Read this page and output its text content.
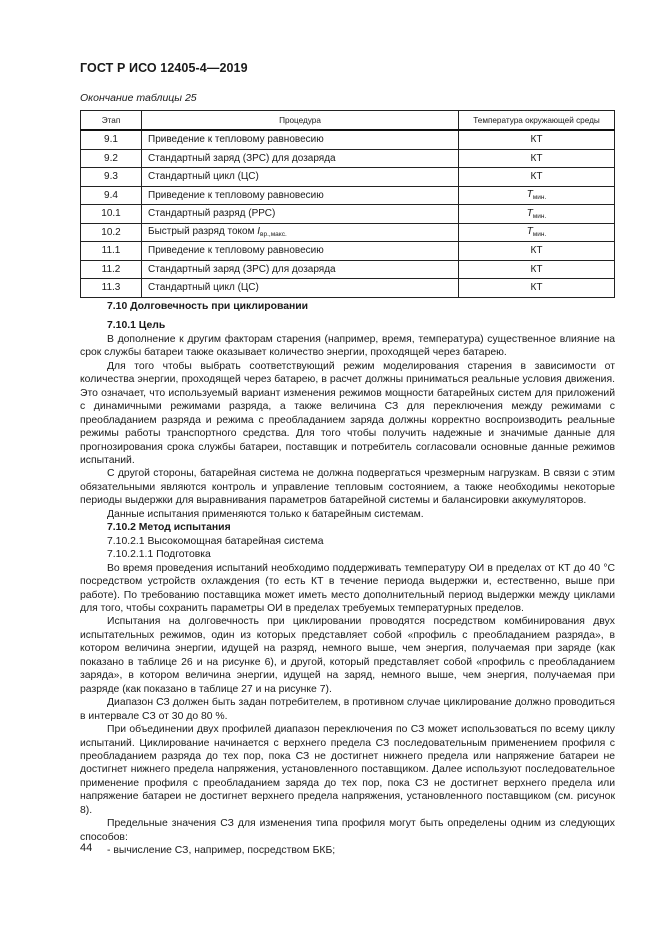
ГОСТ Р ИСО 12405-4—2019
Окончание таблицы 25
Этап	Процедура	Температура окружающей среды
9.1	Приведение к тепловому равновесию	КТ
9.2	Стандартный заряд (ЗРС) для дозаряда	КТ
9.3	Стандартный цикл (ЦС)	КТ
9.4	Приведение к тепловому равновесию	$T_{мин.}$
10.1	Стандартный разряд (РРС)	$T_{мин.}$
10.2	Быстрый разряд током $I_{вр.,макс.}$	$T_{мин.}$
11.1	Приведение к тепловому равновесию	КТ
11.2	Стандартный заряд (ЗРС) для дозаряда	КТ
11.3	Стандартный цикл (ЦС)	КТ

7.10 Долговечность при циклировании

7.10.1 Цель

В дополнение к другим факторам старения (например, время, температура) существенное влияние на срок службы батареи также оказывает количество энергии, проходящей через батарею.

Для того чтобы выбрать соответствующий режим моделирования старения в зависимости от количества энергии, проходящей через батарею, в расчет должны приниматься реальные условия движения. Это означает, что используемый вариант изменения режимов мощности батарейных систем для приложений с динамичными режимами разряда, а также величина СЗ для переключения между режимами с преобладанием разряда и режима с преобладанием заряда должны корректно воспроизводить реальные режимы работы транспортного средства. Для того чтобы получить надежные и значимые данные для прогнозирования срока службы батареи, поставщик и потребитель согласовали основные данные режимов испытаний.

С другой стороны, батарейная система не должна подвергаться чрезмерным нагрузкам. В связи с этим обязательными являются контроль и управление тепловым состоянием, а также необходимы некоторые периоды выдержки для выравнивания параметров батарейной системы и балансировки аккумуляторов.

Данные испытания применяются только к батарейным системам.

7.10.2 Метод испытания

7.10.2.1 Высокомощная батарейная система

7.10.2.1.1 Подготовка

Во время проведения испытаний необходимо поддерживать температуру ОИ в пределах от КТ до 40 °С посредством устройств охлаждения (то есть КТ в течение периода выдержки и, естественно, выше при работе). По требованию поставщика может иметь место дополнительный период выдержки между циклами для того, чтобы сохранить параметры ОИ в пределах требуемых температурных пределов.

Испытания на долговечность при циклировании проводятся посредством комбинирования двух испытательных режимов, один из которых представляет собой «профиль с преобладанием разряда», в котором величина энергии, идущей на разряд, немного выше, чем энергия, получаемая при заряде (как показано в таблице 26 и на рисунке 6), и другой, который представляет собой «профиль с преобладанием заряда», в котором величина энергии, идущей на заряд, немного выше, чем энергия, получаемая при разряде (как показано в таблице 27 и на рисунке 7).

Диапазон СЗ должен быть задан потребителем, в противном случае циклирование должно проводиться в интервале СЗ от 30 до 80 %.

При объединении двух профилей диапазон переключения по СЗ может использоваться по всему циклу испытаний. Циклирование начинается с верхнего предела СЗ последовательным применением профиля с преобладанием разряда до тех пор, пока СЗ не достигнет нижнего предела или напряжение батареи не достигнет нижнего предела напряжения, установленного поставщиком. Далее используют последовательное применение профиля с преобладанием заряда до тех пор, пока СЗ не достигнет верхнего предела или напряжение батареи не достигнет верхнего предела напряжения, установленного поставщиком (см. рисунок 8).

Предельные значения СЗ для изменения типа профиля могут быть определены одним из следующих способов:

- вычисление СЗ, например, посредством БКБ;

44
